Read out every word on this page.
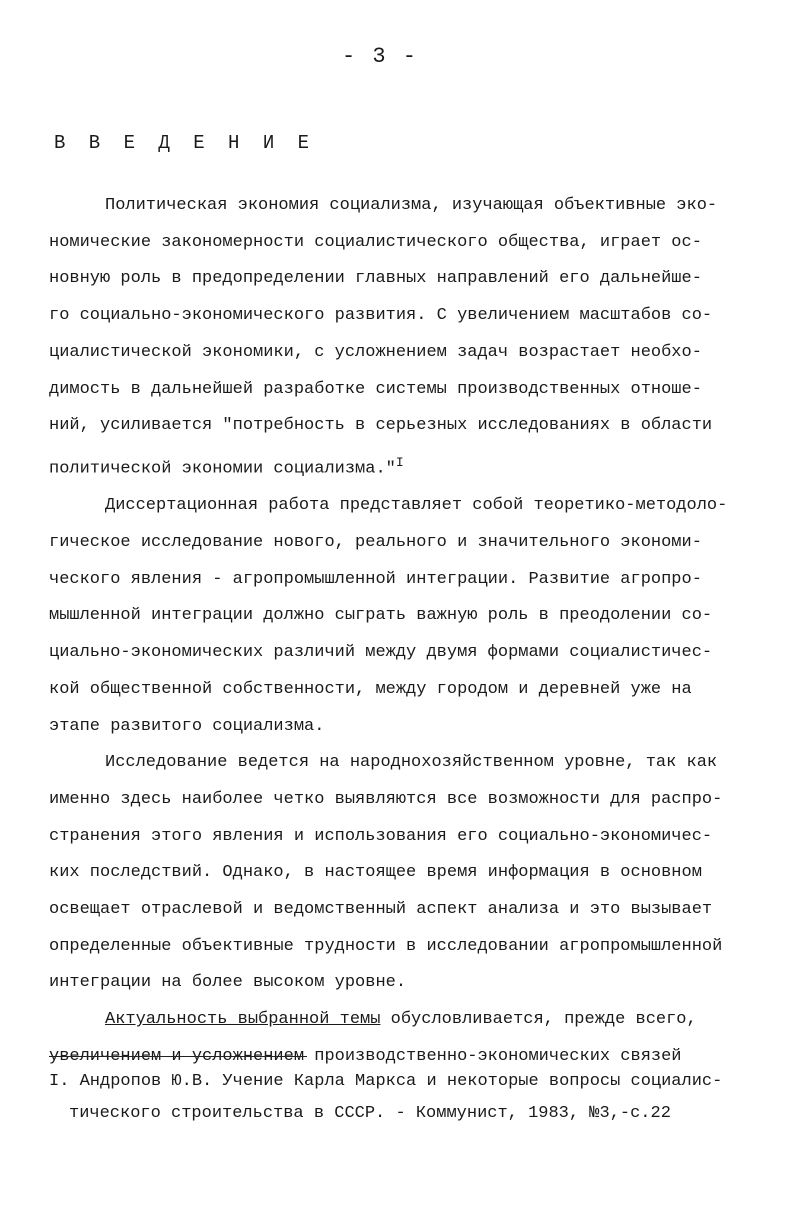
- 3 -
В В Е Д Е Н И Е
Политическая экономия социализма, изучающая объективные эко-
номические закономерности социалистического общества, играет ос-
новную роль в предопределении главных направлений его дальнейше-
го социально-экономического развития. С увеличением масштабов со-
циалистической экономики, с усложнением задач возрастает необхо-
димость в дальнейшей разработке системы производственных отноше-
ний, усиливается "потребность в серьезных исследованиях в области
политической экономии социализма."$^I$
Диссертационная работа представляет собой теоретико-методоло-
гическое исследование нового, реального и значительного экономи-
ческого явления - агропромышленной интеграции. Развитие агропро-
мышленной интеграции должно сыграть важную роль в преодолении со-
циально-экономических различий между двумя формами социалистичес-
кой общественной собственности, между городом и деревней уже на
этапе развитого социализма.
Исследование ведется на народнохозяйственном уровне, так как
именно здесь наиболее четко выявляются все возможности для распро-
странения этого явления и использования его социально-экономичес-
ких последствий. Однако, в настоящее время информация в основном
освещает отраслевой и ведомственный аспект анализа и это вызывает
определенные объективные трудности в исследовании агропромышленной
интеграции на более высоком уровне.
Актуальность выбранной темы обусловливается, прежде всего,
увеличением и усложнением производственно-экономических связей
I. Андропов Ю.В. Учение Карла Маркса и некоторые вопросы социалис-
тического строительства в СССР. - Коммунист, 1983, №3,-с.22
